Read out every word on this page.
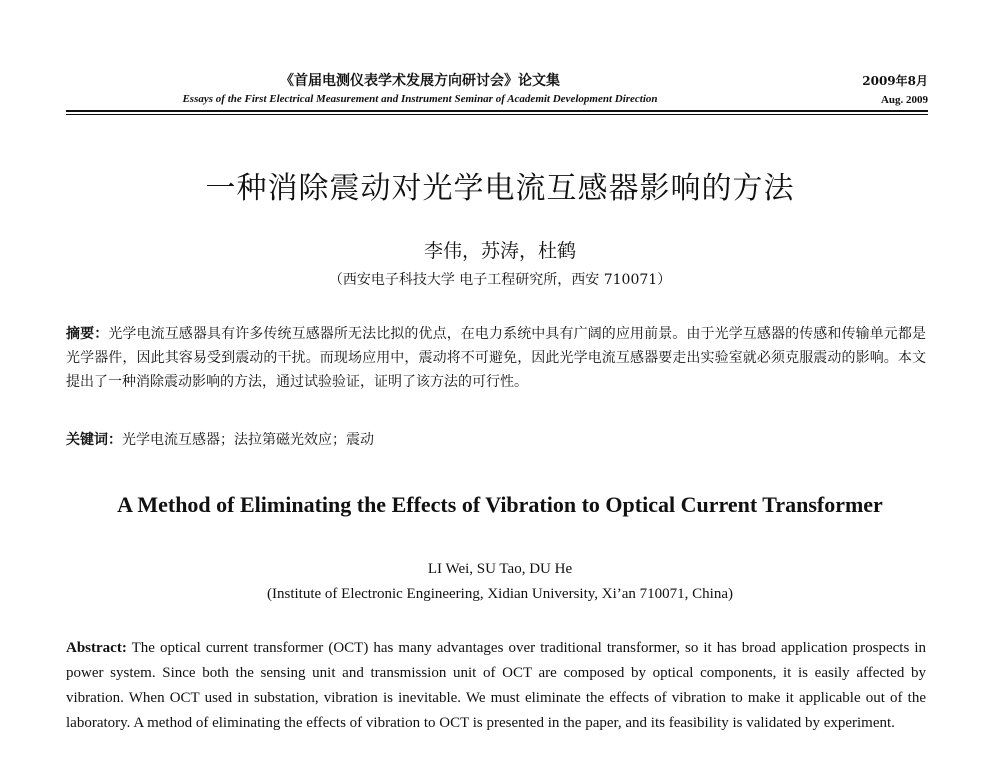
《首届电测仪表学术发展方向研讨会》论文集
Essays of the First Electrical Measurement and Instrument Seminar of Academit Development Direction
2009年8月
Aug. 2009
一种消除震动对光学电流互感器影响的方法
李伟，苏涛，杜鹤
（西安电子科技大学 电子工程研究所，西安 710071）
摘要：光学电流互感器具有许多传统互感器所无法比拟的优点，在电力系统中具有广阔的应用前景。由于光学互感器的传感和传输单元都是光学器件，因此其容易受到震动的干扰。而现场应用中，震动将不可避免，因此光学电流互感器要走出实验室就必须克服震动的影响。本文提出了一种消除震动影响的方法，通过试验验证，证明了该方法的可行性。
关键词：光学电流互感器；法拉第磁光效应；震动
A Method of Eliminating the Effects of Vibration to Optical Current Transformer
LI Wei, SU Tao, DU He
(Institute of Electronic Engineering, Xidian University, Xi’an 710071, China)
Abstract: The optical current transformer (OCT) has many advantages over traditional transformer, so it has broad application prospects in power system. Since both the sensing unit and transmission unit of OCT are composed by optical components, it is easily affected by vibration. When OCT used in substation, vibration is inevitable. We must eliminate the effects of vibration to make it applicable out of the laboratory. A method of eliminating the effects of vibration to OCT is presented in the paper, and its feasibility is validated by experiment.
